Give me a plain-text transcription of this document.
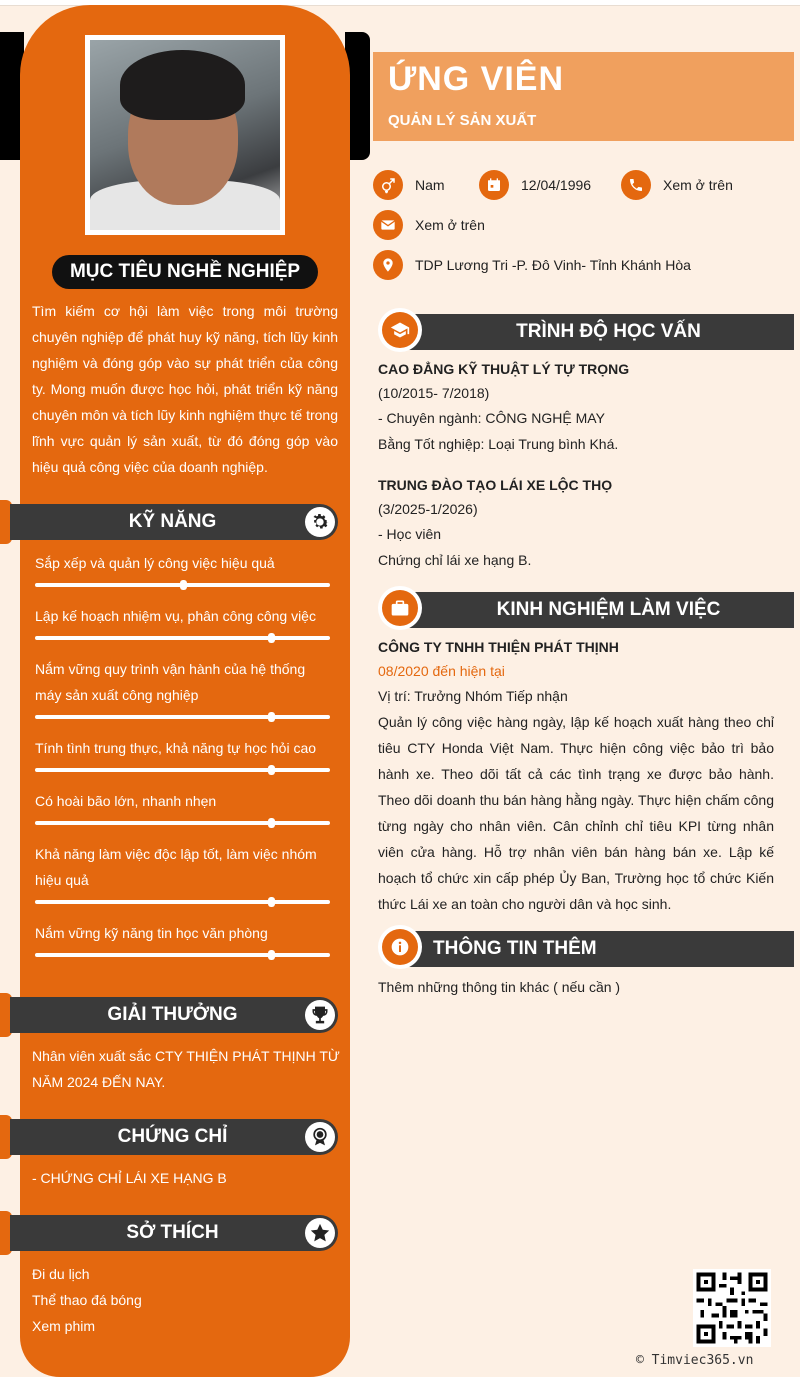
MỤC TIÊU NGHỀ NGHIỆP
Tìm kiếm cơ hội làm việc trong môi trường chuyên nghiệp để phát huy kỹ năng, tích lũy kinh nghiệm và đóng góp vào sự phát triển của công ty. Mong muốn được học hỏi, phát triển kỹ năng chuyên môn và tích lũy kinh nghiệm thực tế trong lĩnh vực quản lý sản xuất, từ đó đóng góp vào hiệu quả công việc của doanh nghiệp.
KỸ NĂNG
Sắp xếp và quản lý công việc hiệu quả
Lập kế hoạch nhiệm vụ, phân công công việc
Nắm vững quy trình vận hành của hệ thống máy sản xuất công nghiệp
Tính tình trung thực, khả năng tự học hỏi cao
Có hoài bão lớn, nhanh nhẹn
Khả năng làm việc độc lập tốt, làm việc nhóm hiệu quả
Nắm vững kỹ năng tin học văn phòng
GIẢI THƯỞNG
Nhân viên xuất sắc CTY THIỆN PHÁT THỊNH TỪ NĂM 2024 ĐẾN NAY.
CHỨNG CHỈ
- CHỨNG CHỈ LÁI XE HẠNG B
SỞ THÍCH
Đi du lịch
Thể thao đá bóng
Xem phim
ỨNG VIÊN
QUẢN LÝ SẢN XUẤT
Nam	12/04/1996	Xem ở trên
Xem ở trên
TDP Lương Tri -P. Đô Vinh- Tỉnh Khánh Hòa
TRÌNH ĐỘ HỌC VẤN
CAO ĐẲNG KỸ THUẬT LÝ TỰ TRỌNG
(10/2015- 7/2018)
- Chuyên ngành: CÔNG NGHỆ MAY
Bằng Tốt nghiệp: Loại Trung bình Khá.
TRUNG ĐÀO TẠO LÁI XE LỘC THỌ
(3/2025-1/2026)
- Học viên
Chứng chỉ lái xe hạng B.
KINH NGHIỆM LÀM VIỆC
CÔNG TY TNHH THIỆN PHÁT THỊNH
08/2020 đến hiện tại
Vị trí: Trưởng Nhóm Tiếp nhận
Quản lý công việc hàng ngày, lập kế hoạch xuất hàng theo chỉ tiêu CTY Honda Việt Nam. Thực hiện công việc bảo trì bảo hành xe. Theo dõi tất cả các tình trạng xe được bảo hành. Theo dõi doanh thu bán hàng hằng ngày. Thực hiện chấm công từng ngày cho nhân viên. Cân chỉnh chỉ tiêu KPI từng nhân viên cửa hàng. Hỗ trợ nhân viên bán hàng bán xe. Lập kế hoạch tổ chức xin cấp phép Ủy Ban, Trường học tổ chức Kiến thức Lái xe an toàn cho người dân và học sinh.
THÔNG TIN THÊM
Thêm những thông tin khác ( nếu cần )
© Timviec365.vn
